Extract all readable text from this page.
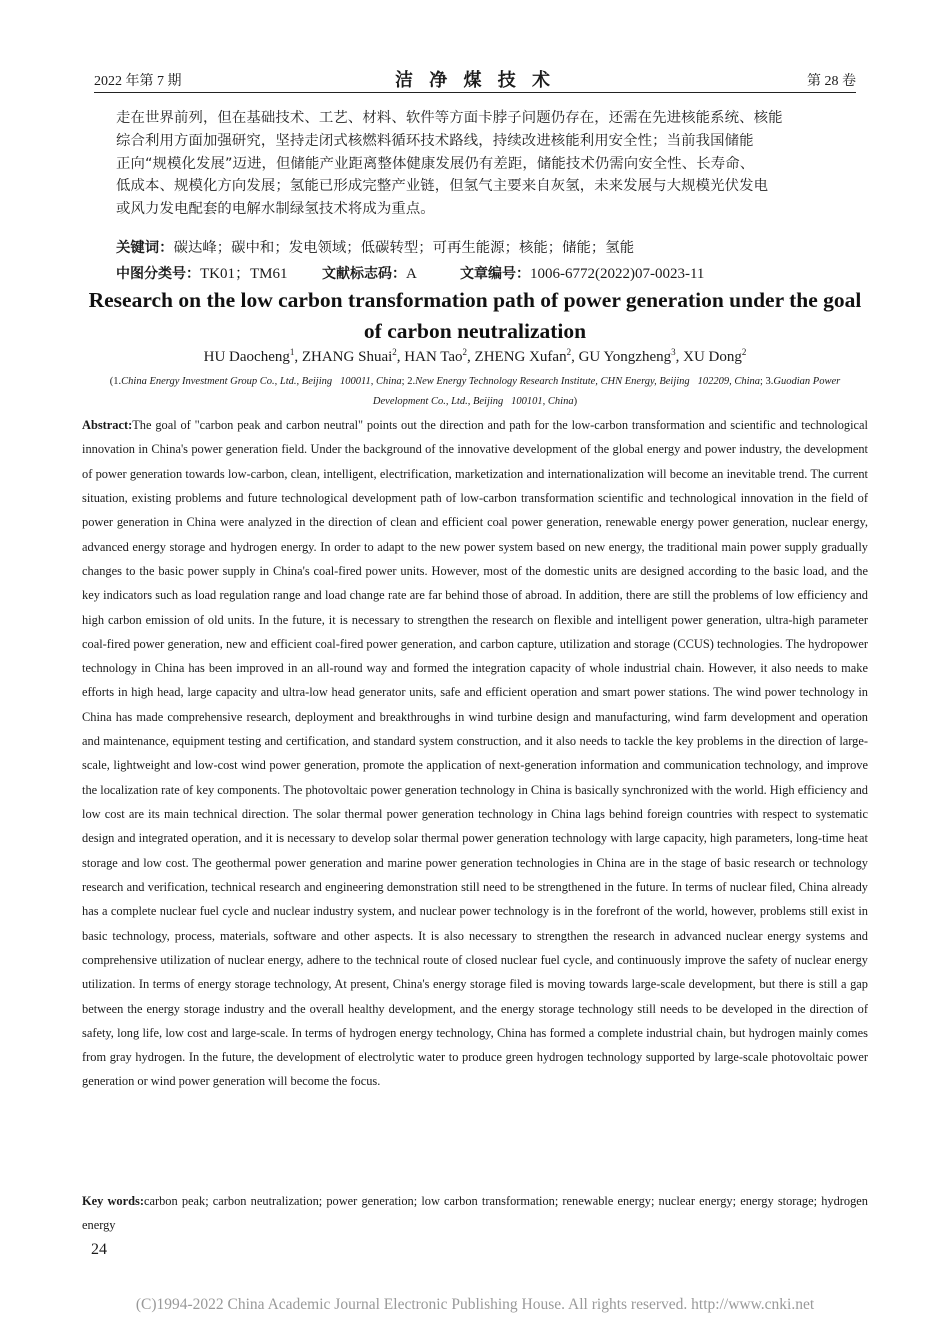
2022 年第 7 期	洁 净 煤 技 术	第 28 卷
走在世界前列，但在基础技术、工艺、材料、软件等方面卡脖子问题仍存在，还需在先进核能系统、核能
综合利用方面加强研究，坚持走闭式核燃料循环技术路线，持续改进核能利用安全性；当前我国储能
正向“规模化发展”迈进，但储能产业距离整体健康发展仍有差距，储能技术仍需向安全性、长寿命、
低成本、规模化方向发展；氢能已形成完整产业链，但氢气主要来自灰氢，未来发展与大规模光伏发电
或风力发电配套的电解水制绿氢技术将成为重点。
关键词：碳达峰；碳中和；发电领域；低碳转型；可再生能源；核能；储能；氢能
中图分类号：TK01；TM61 文献标志码：A	文章编号：1006-6772(2022)07-0023-11
Research on the low carbon transformation path of power generation under the goal of carbon neutralization
HU Daocheng$^1$, ZHANG Shuai$^2$, HAN Tao$^2$, ZHENG Xufan$^2$, GU Yongzheng$^3$, XU Dong$^2$
(1.China Energy Investment Group Co., Ltd., Beijing 100011, China; 2.New Energy Technology Research Institute, CHN Energy, Beijing 102209, China; 3.Guodian Power Development Co., Ltd., Beijing 100101, China)
Abstract:The goal of "carbon peak and carbon neutral" points out the direction and path for the low-carbon transformation and scientific and technological innovation in China's power generation field. Under the background of the innovative development of the global energy and power industry, the development of power generation towards low-carbon, clean, intelligent, electrification, marketization and internationalization will become an inevitable trend. The current situation, existing problems and future technological development path of low-carbon transformation scientific and technological innovation in the field of power generation in China were analyzed in the direction of clean and efficient coal power generation, renewable energy power generation, nuclear energy, advanced energy storage and hydrogen energy. In order to adapt to the new power system based on new energy, the traditional main power supply gradually changes to the basic power supply in China's coal-fired power units. However, most of the domestic units are designed according to the basic load, and the key indicators such as load regulation range and load change rate are far behind those of abroad. In addition, there are still the problems of low efficiency and high carbon emission of old units. In the future, it is necessary to strengthen the research on flexible and intelligent power generation, ultra-high parameter coal-fired power generation, new and efficient coal-fired power generation, and carbon capture, utilization and storage (CCUS) technologies. The hydropower technology in China has been improved in an all-round way and formed the integration capacity of whole industrial chain. However, it also needs to make efforts in high head, large capacity and ultra-low head generator units, safe and efficient operation and smart power stations. The wind power technology in China has made comprehensive research, deployment and breakthroughs in wind turbine design and manufacturing, wind farm development and operation and maintenance, equipment testing and certification, and standard system construction, and it also needs to tackle the key problems in the direction of large-scale, lightweight and low-cost wind power generation, promote the application of next-generation information and communication technology, and improve the localization rate of key components. The photovoltaic power generation technology in China is basically synchronized with the world. High efficiency and low cost are its main technical direction. The solar thermal power generation technology in China lags behind foreign countries with respect to systematic design and integrated operation, and it is necessary to develop solar thermal power generation technology with large capacity, high parameters, long-time heat storage and low cost. The geothermal power generation and marine power generation technologies in China are in the stage of basic research or technology research and verification, technical research and engineering demonstration still need to be strengthened in the future. In terms of nuclear filed, China already has a complete nuclear fuel cycle and nuclear industry system, and nuclear power technology is in the forefront of the world, however, problems still exist in basic technology, process, materials, software and other aspects. It is also necessary to strengthen the research in advanced nuclear energy systems and comprehensive utilization of nuclear energy, adhere to the technical route of closed nuclear fuel cycle, and continuously improve the safety of nuclear energy utilization. In terms of energy storage technology, At present, China's energy storage filed is moving towards large-scale development, but there is still a gap between the energy storage industry and the overall healthy development, and the energy storage technology still needs to be developed in the direction of safety, long life, low cost and large-scale. In terms of hydrogen energy technology, China has formed a complete industrial chain, but hydrogen mainly comes from gray hydrogen. In the future, the development of electrolytic water to produce green hydrogen technology supported by large-scale photovoltaic power generation or wind power generation will become the focus.
Key words:carbon peak; carbon neutralization; power generation; low carbon transformation; renewable energy; nuclear energy; energy storage; hydrogen energy
24
(C)1994-2022 China Academic Journal Electronic Publishing House. All rights reserved. http://www.cnki.net
